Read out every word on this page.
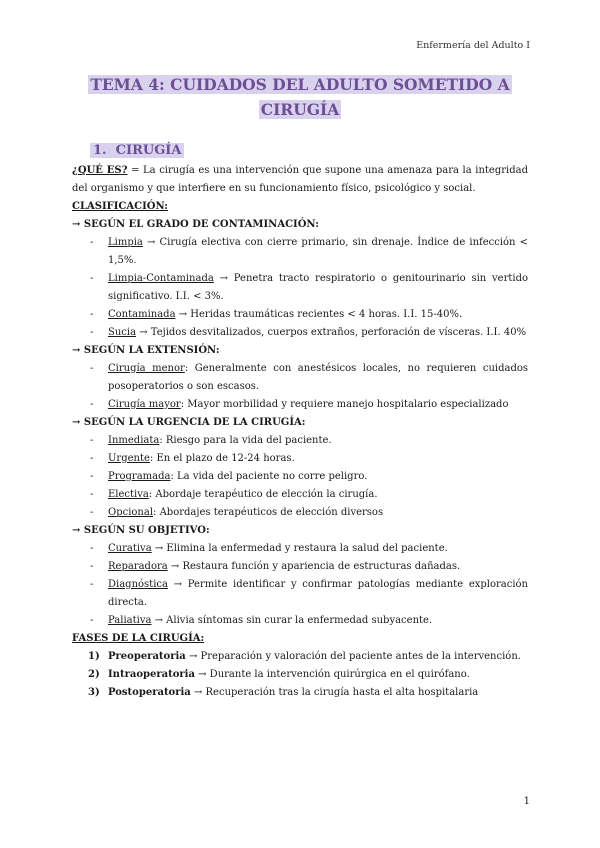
Enfermería del Adulto I
TEMA 4: CUIDADOS DEL ADULTO SOMETIDO A
CIRUGÍA
1. CIRUGÍA
¿QUÉ ES? = La cirugía es una intervención que supone una amenaza para la integridad del organismo y que interfiere en su funcionamiento físico, psicológico y social.
CLASIFICACIÓN:
→ SEGÚN EL GRADO DE CONTAMINACIÓN:
- Limpia → Cirugía electiva con cierre primario, sin drenaje. Índice de infección < 1,5%.
- Limpia-Contaminada → Penetra tracto respiratorio o genitourinario sin vertido significativo. I.I. < 3%.
- Contaminada → Heridas traumáticas recientes < 4 horas. I.I. 15-40%.
- Sucia → Tejidos desvitalizados, cuerpos extraños, perforación de vísceras. I.I. 40%
→ SEGÚN LA EXTENSIÓN:
- Cirugía menor: Generalmente con anestésicos locales, no requieren cuidados posoperatorios o son escasos.
- Cirugía mayor: Mayor morbilidad y requiere manejo hospitalario especializado
→ SEGÚN LA URGENCIA DE LA CIRUGÍA:
- Inmediata: Riesgo para la vida del paciente.
- Urgente: En el plazo de 12-24 horas.
- Programada: La vida del paciente no corre peligro.
- Electiva: Abordaje terapéutico de elección la cirugía.
- Opcional: Abordajes terapéuticos de elección diversos
→ SEGÚN SU OBJETIVO:
- Curativa → Elimina la enfermedad y restaura la salud del paciente.
- Reparadora → Restaura función y apariencia de estructuras dañadas.
- Diagnóstica → Permite identificar y confirmar patologías mediante exploración directa.
- Paliativa → Alivia síntomas sin curar la enfermedad subyacente.
FASES DE LA CIRUGÍA:
1) Preoperatoria → Preparación y valoración del paciente antes de la intervención.
2) Intraoperatoria → Durante la intervención quirúrgica en el quirófano.
3) Postoperatoria → Recuperación tras la cirugía hasta el alta hospitalaria
1
